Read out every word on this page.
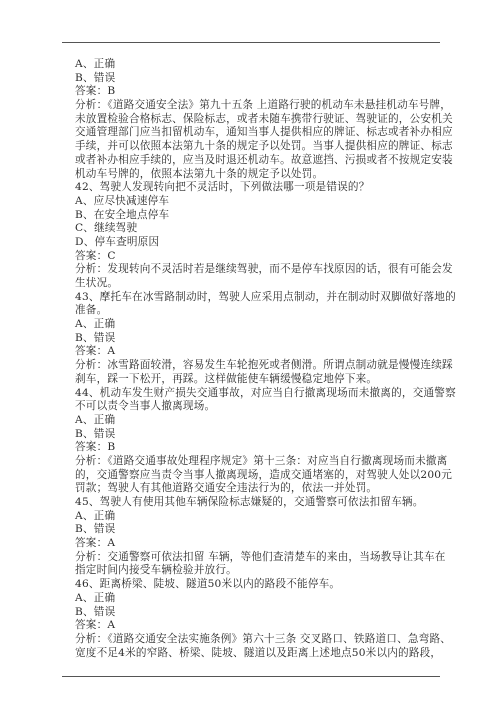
A、正确
B、错误
答案：B
分析：《道路交通安全法》第九十五条 上道路行驶的机动车未悬挂机动车号牌，
未放置检验合格标志、保险标志，或者未随车携带行驶证、驾驶证的，公安机关
交通管理部门应当扣留机动车，通知当事人提供相应的牌证、标志或者补办相应
手续，并可以依照本法第九十条的规定予以处罚。当事人提供相应的牌证、标志
或者补办相应手续的，应当及时退还机动车。故意遮挡、污损或者不按规定安装
机动车号牌的，依照本法第九十条的规定予以处罚。
42、驾驶人发现转向把不灵活时，下列做法哪一项是错误的？
A、应尽快减速停车
B、在安全地点停车
C、继续驾驶
D、停车查明原因
答案：C
分析：发现转向不灵活时若是继续驾驶，而不是停车找原因的话，很有可能会发
生状况。
43、摩托车在冰雪路制动时，驾驶人应采用点制动，并在制动时双脚做好落地的
准备。
A、正确
B、错误
答案：A
分析：冰雪路面较滑，容易发生车轮抱死或者侧滑。所谓点制动就是慢慢连续踩
刹车，踩一下松开，再踩。这样做能使车辆缓慢稳定地停下来。
44、机动车发生财产损失交通事故，对应当自行撤离现场而未撤离的，交通警察
不可以责令当事人撤离现场。
A、正确
B、错误
答案：B
分析：《道路交通事故处理程序规定》第十三条：对应当自行撤离现场而未撤离
的，交通警察应当责令当事人撤离现场，造成交通堵塞的，对驾驶人处以200元
罚款；驾驶人有其他道路交通安全违法行为的，依法一并处罚。
45、驾驶人有使用其他车辆保险标志嫌疑的，交通警察可依法扣留车辆。
A、正确
B、错误
答案：A
分析：交通警察可依法扣留 车辆，等他们查清楚车的来由，当场教导让其车在
指定时间内接受车辆检验并放行。
46、距离桥梁、陡坡、隧道50米以内的路段不能停车。
A、正确
B、错误
答案：A
分析：《道路交通安全法实施条例》第六十三条 交叉路口、铁路道口、急弯路、
宽度不足4米的窄路、桥梁、陡坡、隧道以及距离上述地点50米以内的路段，
